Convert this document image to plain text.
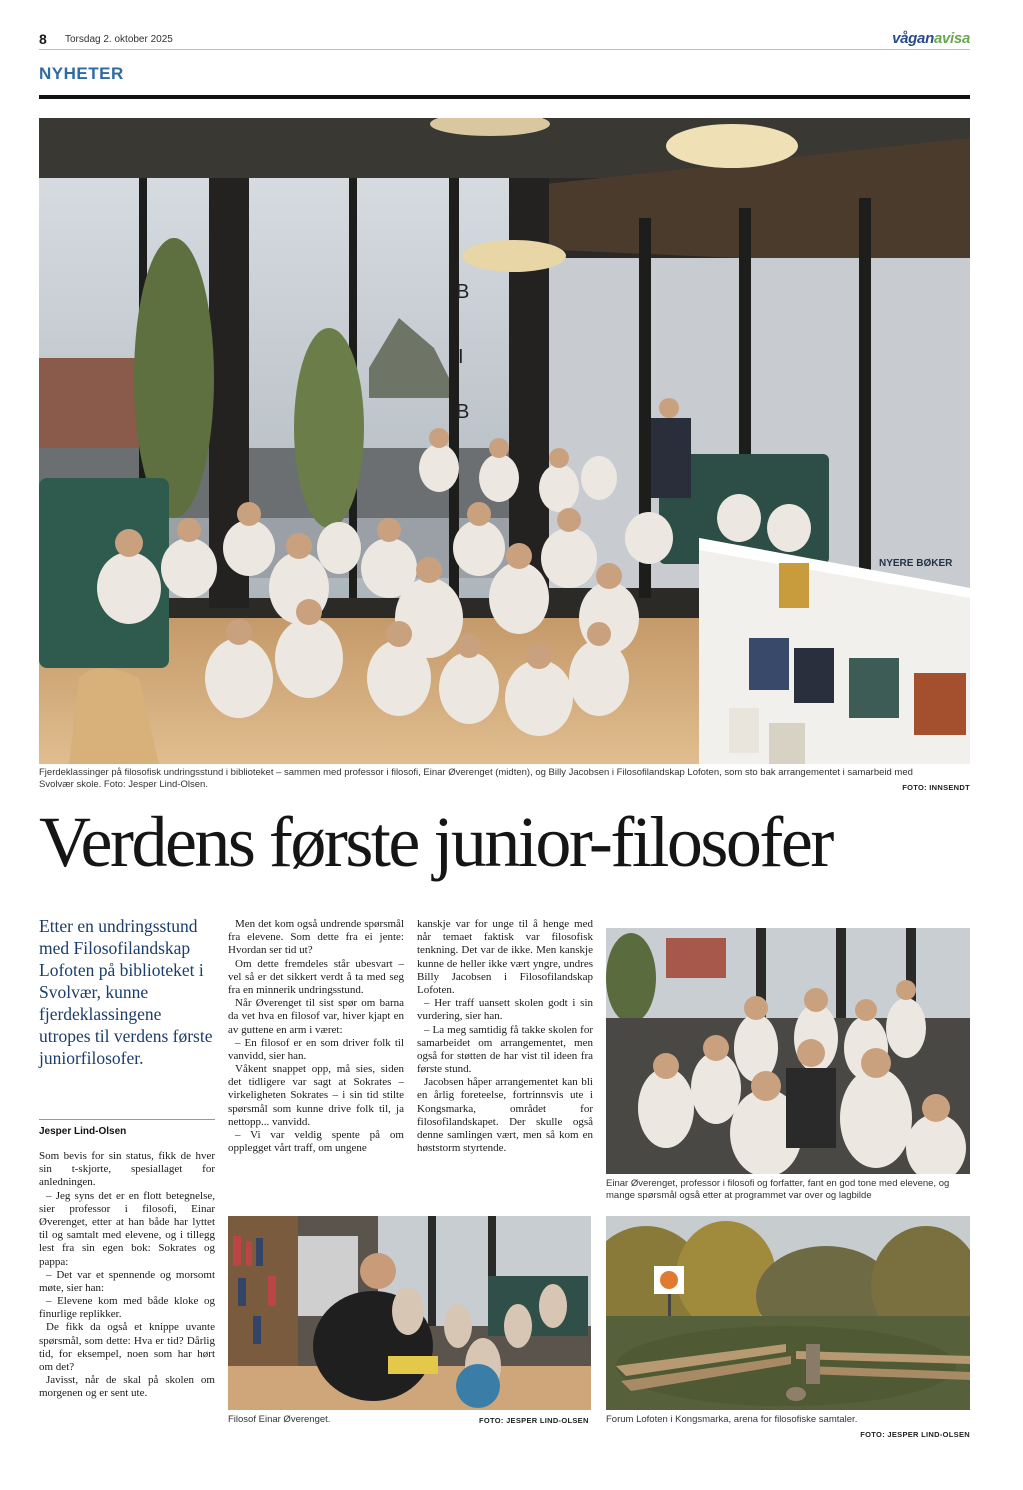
8 Torsdag 2. oktober 2025	våganavisa
NYHETER
NYERE BØKER
B
I
B
Fjerdeklassinger på filosofisk undringsstund i biblioteket – sammen med professor i filosofi, Einar Øverenget (midten), og Billy Jacobsen i Filosofilandskap Lofoten, som sto bak arrangementet i samarbeid med Svolvær skole. Foto: Jesper Lind-Olsen.	FOTO: INNSENDT
Verdens første junior-filosofer
Etter en undringsstund med Filosofilandskap Lofoten på biblioteket i Svolvær, kunne fjerdeklassingene utropes til verdens første juniorfilosofer.
Jesper Lind-Olsen

Som bevis for sin status, fikk de hver sin t-skjorte, spesiallaget for anledningen.

– Jeg syns det er en flott betegnelse, sier professor i filosofi, Einar Øverenget, etter at han både har lyttet til og samtalt med elevene, og i tillegg lest fra sin egen bok: Sokrates og pappa:

– Det var et spennende og morsomt møte, sier han:

– Elevene kom med både kloke og finurlige replikker.

De fikk da også et knippe uvante spørsmål, som dette: Hva er tid? Dårlig tid, for eksempel, noen som har hørt om det?

Javisst, når de skal på skolen om morgenen og er sent ute.

Men det kom også undrende spørsmål fra elevene. Som dette fra ei jente: Hvordan ser tid ut?

Om dette fremdeles står ubesvart – vel så er det sikkert verdt å ta med seg fra en minnerik undringsstund.

Når Øverenget til sist spør om barna da vet hva en filosof var, hiver kjapt en av guttene en arm i været:

– En filosof er en som driver folk til vanvidd, sier han.

Våkent snappet opp, må sies, siden det tidligere var sagt at Sokrates – virkeligheten Sokrates – i sin tid stilte spørsmål som kunne drive folk til, ja nettopp... vanvidd.

– Vi var veldig spente på om opplegget vårt traff, om ungene

kanskje var for unge til å henge med når temaet faktisk var filosofisk tenkning. Det var de ikke. Men kanskje kunne de heller ikke vært yngre, undres Billy Jacobsen i Filosofilandskap Lofoten.

– Her traff uansett skolen godt i sin vurdering, sier han.

– La meg samtidig få takke skolen for samarbeidet om arrangementet, men også for støtten de har vist til ideen fra første stund.

Jacobsen håper arrangementet kan bli en årlig foreteelse, fortrinnsvis ute i Kongsmarka, området for filosofilandskapet. Der skulle også denne samlingen vært, men så kom en høststorm styrtende.

Einar Øverenget, professor i filosofi og forfatter, fant en god tone med elevene, og mange spørsmål også etter at programmet var over og lagbilde
Filosof Einar Øverenget.	FOTO: JESPER LIND-OLSEN Forum Lofoten i Kongsmarka, arena for filosofiske samtaler.
FOTO: JESPER LIND-OLSEN
